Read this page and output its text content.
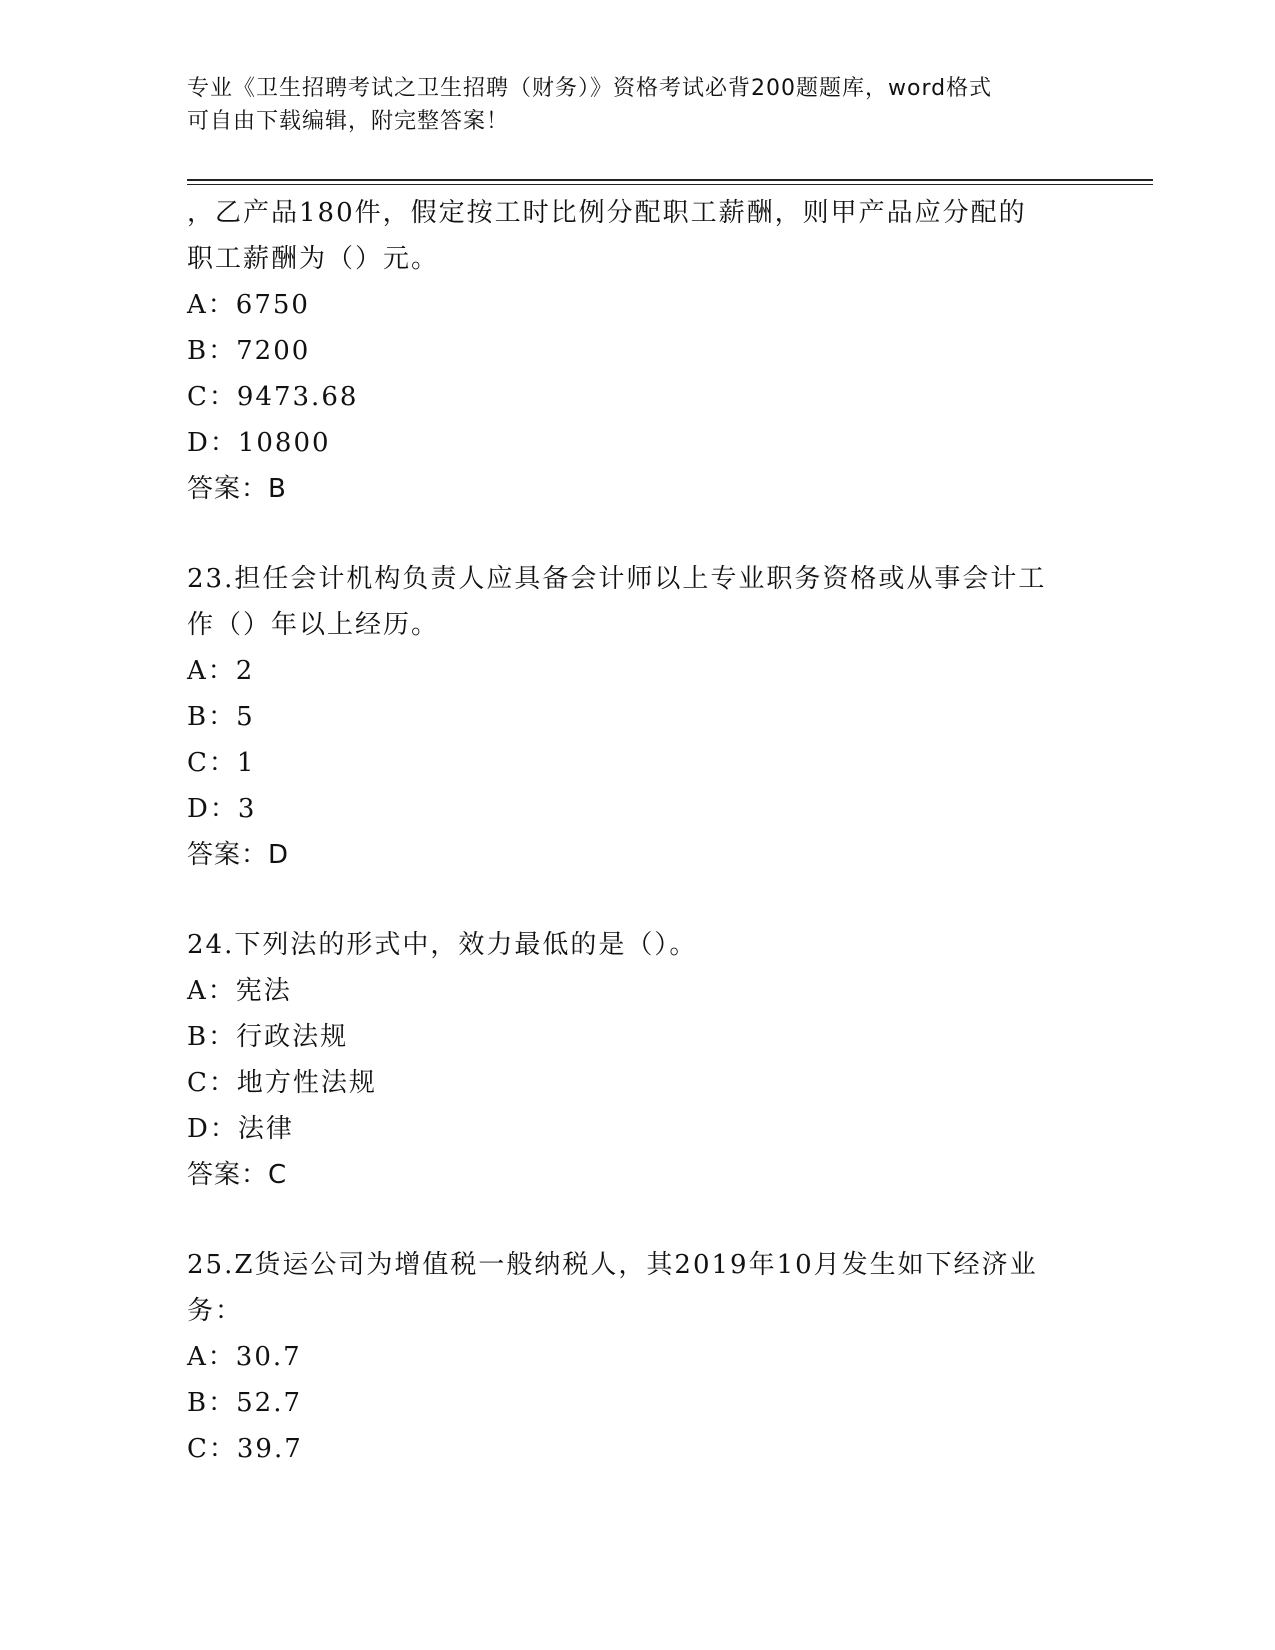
专业《卫生招聘考试之卫生招聘（财务）》资格考试必背200题题库，word格式
可自由下载编辑，附完整答案！
，乙产品180件，假定按工时比例分配职工薪酬，则甲产品应分配的
职工薪酬为（）元。
A：6750
B：7200
C：9473.68
D：10800
答案：B
23.担任会计机构负责人应具备会计师以上专业职务资格或从事会计工
作（）年以上经历。
A：2
B：5
C：1
D：3
答案：D
24.下列法的形式中，效力最低的是（）。
A：宪法
B：行政法规
C：地方性法规
D：法律
答案：C
25.Z货运公司为增值税一般纳税人，其2019年10月发生如下经济业
务：
A：30.7
B：52.7
C：39.7
